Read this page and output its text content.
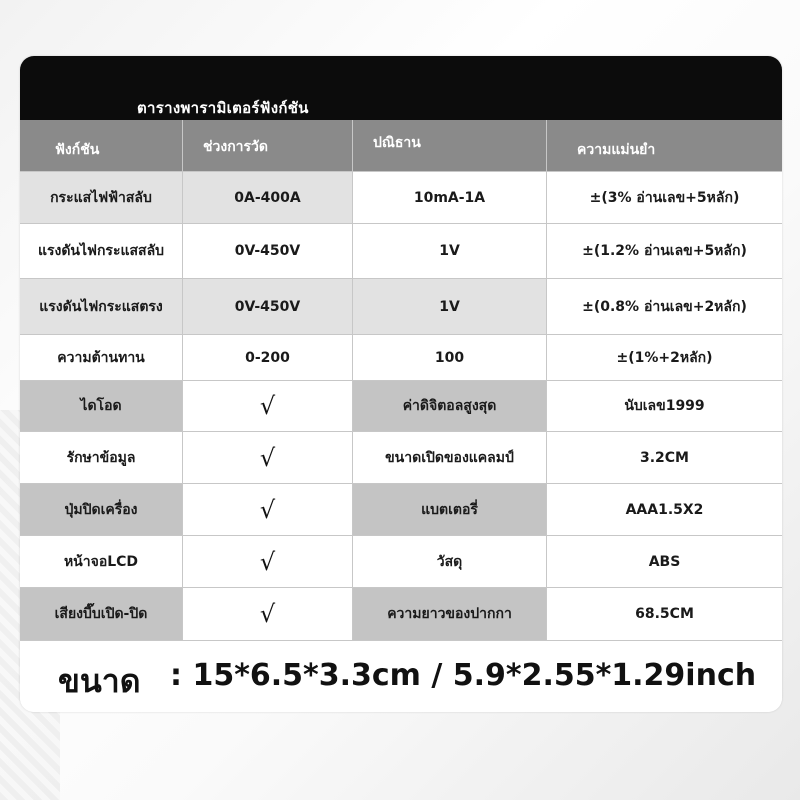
ตารางพารามิเตอร์ฟังก์ชัน
ฟังก์ชัน	ช่วงการวัด	ปณิธาน	ความแม่นยำ
กระแสไฟฟ้าสลับ	0A-400A	10mA-1A	±(3% อ่านเลข+5หลัก)
แรงดันไฟกระแสสลับ	0V-450V	1V	±(1.2% อ่านเลข+5หลัก)
แรงดันไฟกระแสตรง	0V-450V	1V	±(0.8% อ่านเลข+2หลัก)
ความต้านทาน	0-200	100	±(1%+2หลัก)
ไดโอด	√	ค่าดิจิตอลสูงสุด	นับเลข1999
รักษาข้อมูล	√	ขนาดเปิดของแคลมป์	3.2CM
ปุ่มปิดเครื่อง	√	แบตเตอรี่	AAA1.5X2
หน้าจอLCD	√	วัสดุ	ABS
เสียงบี๊บเปิด-ปิด	√	ความยาวของปากกา	68.5CM
ขนาด : 15*6.5*3.3cm / 5.9*2.55*1.29inch
